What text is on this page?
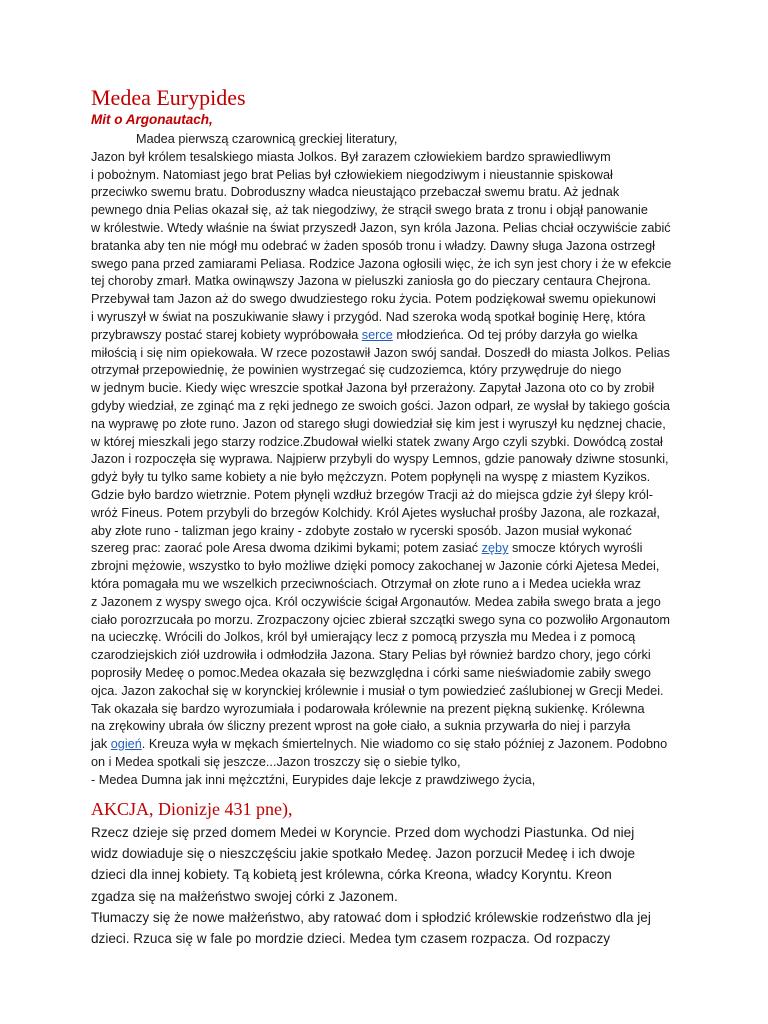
Medea Eurypides
Mit o Argonautach,
Madea pierwszą czarownicą greckiej literatury,
Jazon był królem tesalskiego miasta Jolkos. Był zarazem człowiekiem bardzo sprawiedliwym
i pobożnym. Natomiast jego brat Pelias był człowiekiem niegodziwym i nieustannie spiskował
przeciwko swemu bratu. Dobroduszny władca nieustająco przebaczał swemu bratu. Aż jednak
pewnego dnia Pelias okazał się, aż tak niegodziwy, że strącił swego brata z tronu i objął panowanie
w królestwie. Wtedy właśnie na świat przyszedł Jazon, syn króla Jazona. Pelias chciał oczywiście zabić
bratanka aby ten nie mógł mu odebrać w żaden sposób tronu i władzy. Dawny sługa Jazona ostrzegł
swego pana przed zamiarami Peliasa. Rodzice Jazona ogłosili więc, że ich syn jest chory i że w efekcie
tej choroby zmarł. Matka owinąwszy Jazona w pieluszki zaniosła go do pieczary centaura Chejrona.
Przebywał tam Jazon aż do swego dwudziestego roku życia. Potem podziękował swemu opiekunowi
i wyruszył w świat na poszukiwanie sławy i przygód. Nad szeroka wodą spotkał boginię Herę, która
przybrawszy postać starej kobiety wypróbowała serce młodzieńca. Od tej próby darzyła go wielka
miłością i się nim opiekowała. W rzece pozostawił Jazon swój sandał. Doszedł do miasta Jolkos. Pelias
otrzymał przepowiednię, że powinien wystrzegać się cudzoziemca, który przywędruje do niego
w jednym bucie. Kiedy więc wreszcie spotkał Jazona był przerażony. Zapytał Jazona oto co by zrobił
gdyby wiedział, ze zginąć ma z ręki jednego ze swoich gości. Jazon odparł, ze wysłał by takiego gościa
na wyprawę po złote runo. Jazon od starego sługi dowiedział się kim jest i wyruszył ku nędznej chacie,
w której mieszkali jego starzy rodzice.Zbudował wielki statek zwany Argo czyli szybki. Dowódcą został
Jazon i rozpoczęła się wyprawa. Najpierw przybyli do wyspy Lemnos, gdzie panowały dziwne stosunki,
gdyż były tu tylko same kobiety a nie było mężczyzn. Potem popłynęli na wyspę z miastem Kyzikos.
Gdzie było bardzo wietrznie. Potem płynęli wzdłuż brzegów Tracji aż do miejsca gdzie żył ślepy król-
wróż Fineus. Potem przybyli do brzegów Kolchidy. Król Ajetes wysłuchał prośby Jazona, ale rozkazał,
aby złote runo - talizman jego krainy - zdobyte zostało w rycerski sposób. Jazon musiał wykonać
szereg prac: zaorać pole Aresa dwoma dzikimi bykami; potem zasiać zęby smocze których wyrośli
zbrojni mężowie, wszystko to było możliwe dzięki pomocy zakochanej w Jazonie córki Ajetesa Medei,
która pomagała mu we wszelkich przeciwnościach. Otrzymał on złote runo a i Medea uciekła wraz
z Jazonem z wyspy swego ojca. Król oczywiście ścigał Argonautów. Medea zabiła swego brata a jego
ciało porozrzucała po morzu. Zrozpaczony ojciec zbierał szczątki swego syna co pozwoliło Argonautom
na ucieczkę. Wrócili do Jolkos, król był umierający lecz z pomocą przyszła mu Medea i z pomocą
czarodziejskich ziół uzdrowiła i odmłodziła Jazona. Stary Pelias był również bardzo chory, jego córki
poprosiły Medeę o pomoc.Medea okazała się bezwzględna i córki same nieświadomie zabiły swego
ojca. Jazon zakochał się w korynckiej królewnie i musiał o tym powiedzieć zaślubionej w Grecji Medei.
Tak okazała się bardzo wyrozumiała i podarowała królewnie na prezent piękną sukienkę. Królewna
na zrękowiny ubrała ów śliczny prezent wprost na gołe ciało, a suknia przywarła do niej i parzyła
jak ogień. Kreuza wyła w mękach śmiertelnych. Nie wiadomo co się stało później z Jazonem. Podobno
on i Medea spotkali się jeszcze...Jazon troszczy się o siebie tylko,
- Medea Dumna jak inni mężcztźni, Eurypides daje lekcje z prawdziwego życia,
AKCJA, Dionizje 431 pne),
Rzecz dzieje się przed domem Medei w Koryncie. Przed dom wychodzi Piastunka. Od niej
widz dowiaduje się o nieszczęściu jakie spotkało Medeę. Jazon porzucił Medeę i ich dwoje
dzieci dla innej kobiety. Tą kobietą jest królewna, córka Kreona, władcy Koryntu. Kreon
zgadza się na małżeństwo swojej córki z Jazonem.
Tłumaczy się że nowe małżeństwo, aby ratować dom i spłodzić królewskie rodzeństwo dla jej
dzieci. Rzuca się w fale po mordzie dzieci. Medea tym czasem rozpacza. Od rozpaczy
